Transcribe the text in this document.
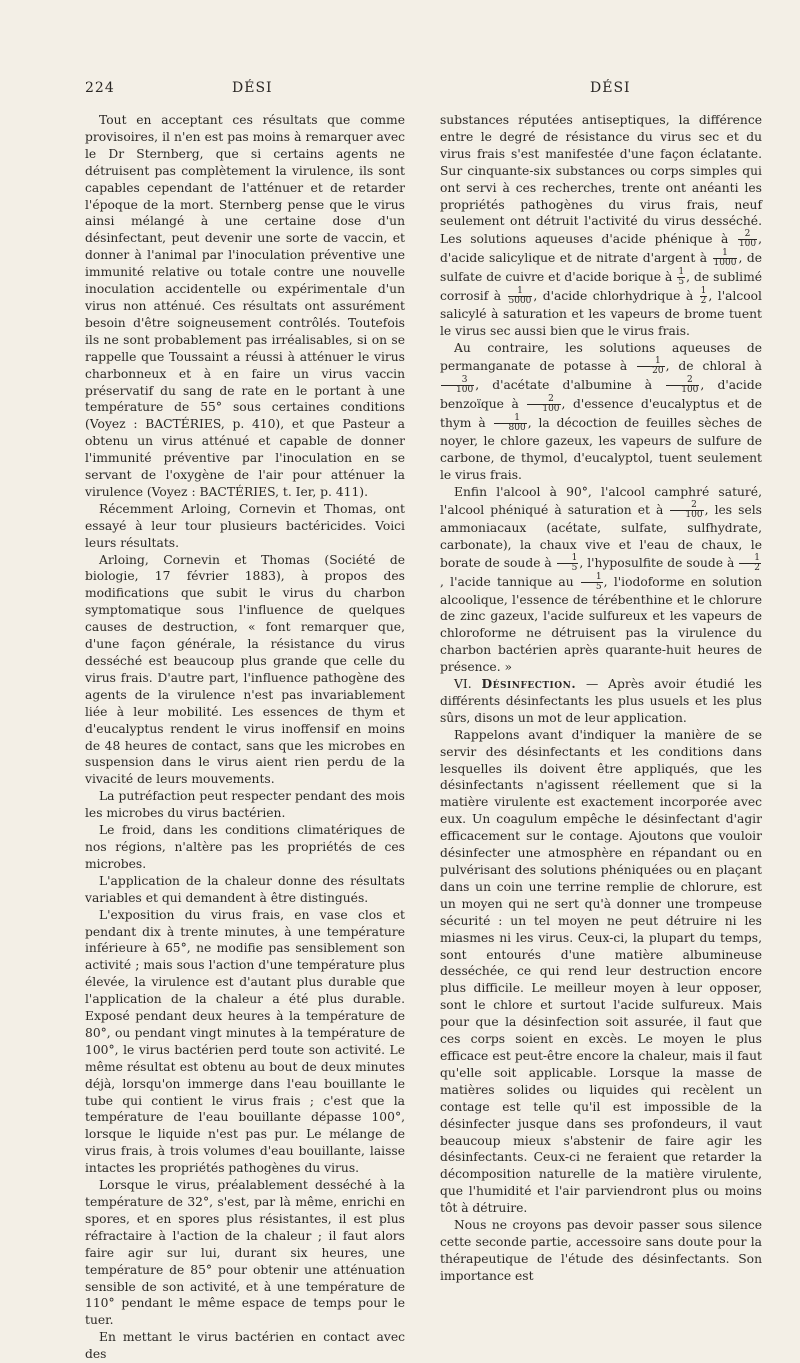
224	DÉSI	DÉSI

Tout en acceptant ces résultats que comme provisoires, il n'en est pas moins à remarquer avec le Dr Sternberg, que si certains agents ne détruisent pas complètement la virulence, ils sont capables cependant de l'atténuer et de retarder l'époque de la mort. Sternberg pense que le virus ainsi mélangé à une certaine dose d'un désinfectant, peut devenir une sorte de vaccin, et donner à l'animal par l'inoculation préventive une immunité relative ou totale contre une nouvelle inoculation accidentelle ou expérimentale d'un virus non atténué. Ces résultats ont assurément besoin d'être soigneusement contrôlés. Toutefois ils ne sont probablement pas irréalisables, si on se rappelle que Toussaint a réussi à atténuer le virus charbonneux et à en faire un virus vaccin préservatif du sang de rate en le portant à une température de 55° sous certaines conditions (Voyez : BACTÉRIES, p. 410), et que Pasteur a obtenu un virus atténué et capable de donner l'immunité préventive par l'inoculation en se servant de l'oxygène de l'air pour atténuer la virulence (Voyez : BACTÉRIES, t. Ier, p. 411).

Récemment Arloing, Cornevin et Thomas, ont essayé à leur tour plusieurs bactéricides. Voici leurs résultats.

Arloing, Cornevin et Thomas (Société de biologie, 17 février 1883), à propos des modifications que subit le virus du charbon symptomatique sous l'influence de quelques causes de destruction, « font remarquer que, d'une façon générale, la résistance du virus desséché est beaucoup plus grande que celle du virus frais. D'autre part, l'influence pathogène des agents de la virulence n'est pas invariablement liée à leur mobilité. Les essences de thym et d'eucalyptus rendent le virus inoffensif en moins de 48 heures de contact, sans que les microbes en suspension dans le virus aient rien perdu de la vivacité de leurs mouvements.

La putréfaction peut respecter pendant des mois les microbes du virus bactérien.

Le froid, dans les conditions climatériques de nos régions, n'altère pas les propriétés de ces microbes.

L'application de la chaleur donne des résultats variables et qui demandent à être distingués.

L'exposition du virus frais, en vase clos et pendant dix à trente minutes, à une température inférieure à 65°, ne modifie pas sensiblement son activité ; mais sous l'action d'une température plus élevée, la virulence est d'autant plus durable que l'application de la chaleur a été plus durable. Exposé pendant deux heures à la température de 80°, ou pendant vingt minutes à la température de 100°, le virus bactérien perd toute son activité. Le même résultat est obtenu au bout de deux minutes déjà, lorsqu'on immerge dans l'eau bouillante le tube qui contient le virus frais ; c'est que la température de l'eau bouillante dépasse 100°, lorsque le liquide n'est pas pur. Le mélange de virus frais, à trois volumes d'eau bouillante, laisse intactes les propriétés pathogènes du virus.

Lorsque le virus, préalablement desséché à la température de 32°, s'est, par là même, enrichi en spores, et en spores plus résistantes, il est plus réfractaire à l'action de la chaleur ; il faut alors faire agir sur lui, durant six heures, une température de 85° pour obtenir une atténuation sensible de son activité, et à une température de 110° pendant le même espace de temps pour le tuer.

En mettant le virus bactérien en contact avec des

substances réputées antiseptiques, la différence entre le degré de résistance du virus sec et du virus frais s'est manifestée d'une façon éclatante. Sur cinquante-six substances ou corps simples qui ont servi à ces recherches, trente ont anéanti les propriétés pathogènes du virus frais, neuf seulement ont détruit l'activité du virus desséché. Les solutions aqueuses d'acide phénique à $\frac{2}{100}$ , d'acide salicylique et de nitrate d'argent à $\frac{1}{1000}$ , de sulfate de cuivre et d'acide borique à $\frac{1}{5}$ , de sublimé corrosif à $\frac{1}{5000}$ , d'acide chlorhydrique à $\frac{1}{2}$ , l'alcool salicylé à saturation et les vapeurs de brome tuent le virus sec aussi bien que le virus frais.

Au contraire, les solutions aqueuses de permanganate de potasse à $\frac{1}{20}$ , de chloral à
$\frac{3}{100}$ , d'acétate d'albumine à $\frac{2}{100}$ , d'acide benzoïque à $\frac{2}{100}$ , d'essence d'eucalyptus et de thym à $\frac{1}{800}$ , la décoction de feuilles sèches de noyer, le chlore gazeux, les vapeurs de sulfure de carbone, de thymol, d'eucalyptol, tuent seulement le virus frais.

Enfin l'alcool à 90°, l'alcool camphré saturé, l'alcool phéniqué à saturation et à $\frac{2}{100}$ , les sels ammoniacaux (acétate, sulfate, sulfhydrate, carbonate), la chaux vive et l'eau de chaux, le borate de soude à $\frac{1}{5}$ , l'hyposulfite de soude à $\frac{1}{2}$
, l'acide tannique au $\frac{1}{5}$ , l'iodoforme en solution alcoolique, l'essence de térébenthine et le chlorure de zinc gazeux, l'acide sulfureux et les vapeurs de chloroforme ne détruisent pas la virulence du charbon bactérien après quarante-huit heures de présence. »

VI. Désinfection. — Après avoir étudié les différents désinfectants les plus usuels et les plus sûrs, disons un mot de leur application.

Rappelons avant d'indiquer la manière de se servir des désinfectants et les conditions dans lesquelles ils doivent être appliqués, que les désinfectants n'agissent réellement que si la matière virulente est exactement incorporée avec eux. Un coagulum empêche le désinfectant d'agir efficacement sur le contage. Ajoutons que vouloir désinfecter une atmosphère en répandant ou en pulvérisant des solutions phéniquées ou en plaçant dans un coin une terrine remplie de chlorure, est un moyen qui ne sert qu'à donner une trompeuse sécurité : un tel moyen ne peut détruire ni les miasmes ni les virus. Ceux-ci, la plupart du temps, sont entourés d'une matière albumineuse desséchée, ce qui rend leur destruction encore plus difficile. Le meilleur moyen à leur opposer, sont le chlore et surtout l'acide sulfureux. Mais pour que la désinfection soit assurée, il faut que ces corps soient en excès. Le moyen le plus efficace est peut-être encore la chaleur, mais il faut qu'elle soit applicable. Lorsque la masse de matières solides ou liquides qui recèlent un contage est telle qu'il est impossible de la désinfecter jusque dans ses profondeurs, il vaut beaucoup mieux s'abstenir de faire agir les désinfectants. Ceux-ci ne feraient que retarder la décomposition naturelle de la matière virulente, que l'humidité et l'air parviendront plus ou moins tôt à détruire.

Nous ne croyons pas devoir passer sous silence cette seconde partie, accessoire sans doute pour la thérapeutique de l'étude des désinfectants. Son importance est
